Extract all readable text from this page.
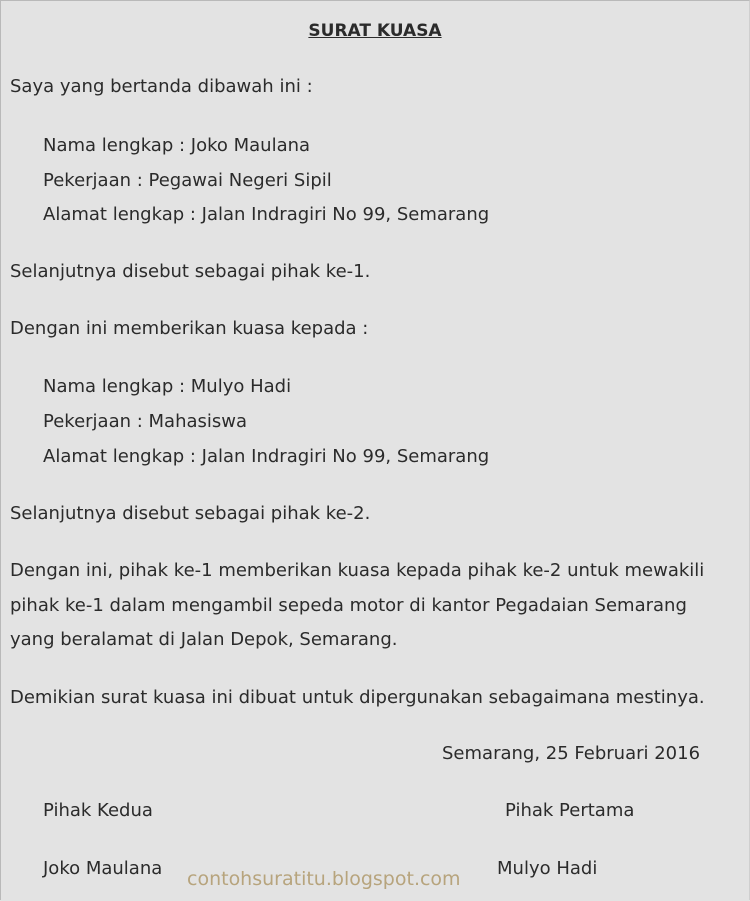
SURAT KUASA
Saya yang bertanda dibawah ini :
Nama lengkap : Joko Maulana
Pekerjaan : Pegawai Negeri Sipil
Alamat lengkap : Jalan Indragiri No 99, Semarang
Selanjutnya disebut sebagai pihak ke-1.
Dengan ini memberikan kuasa kepada :
Nama lengkap : Mulyo Hadi
Pekerjaan : Mahasiswa
Alamat lengkap : Jalan Indragiri No 99, Semarang
Selanjutnya disebut sebagai pihak ke-2.
Dengan ini, pihak ke-1 memberikan kuasa kepada pihak ke-2 untuk mewakili
pihak ke-1 dalam mengambil sepeda motor di kantor Pegadaian Semarang
yang beralamat di Jalan Depok, Semarang.
Demikian surat kuasa ini dibuat untuk dipergunakan sebagaimana mestinya.
Semarang, 25 Februari 2016
Pihak Kedua	Pihak Pertama
Joko Maulana	Mulyo Hadi
contohsuratitu.blogspot.com
